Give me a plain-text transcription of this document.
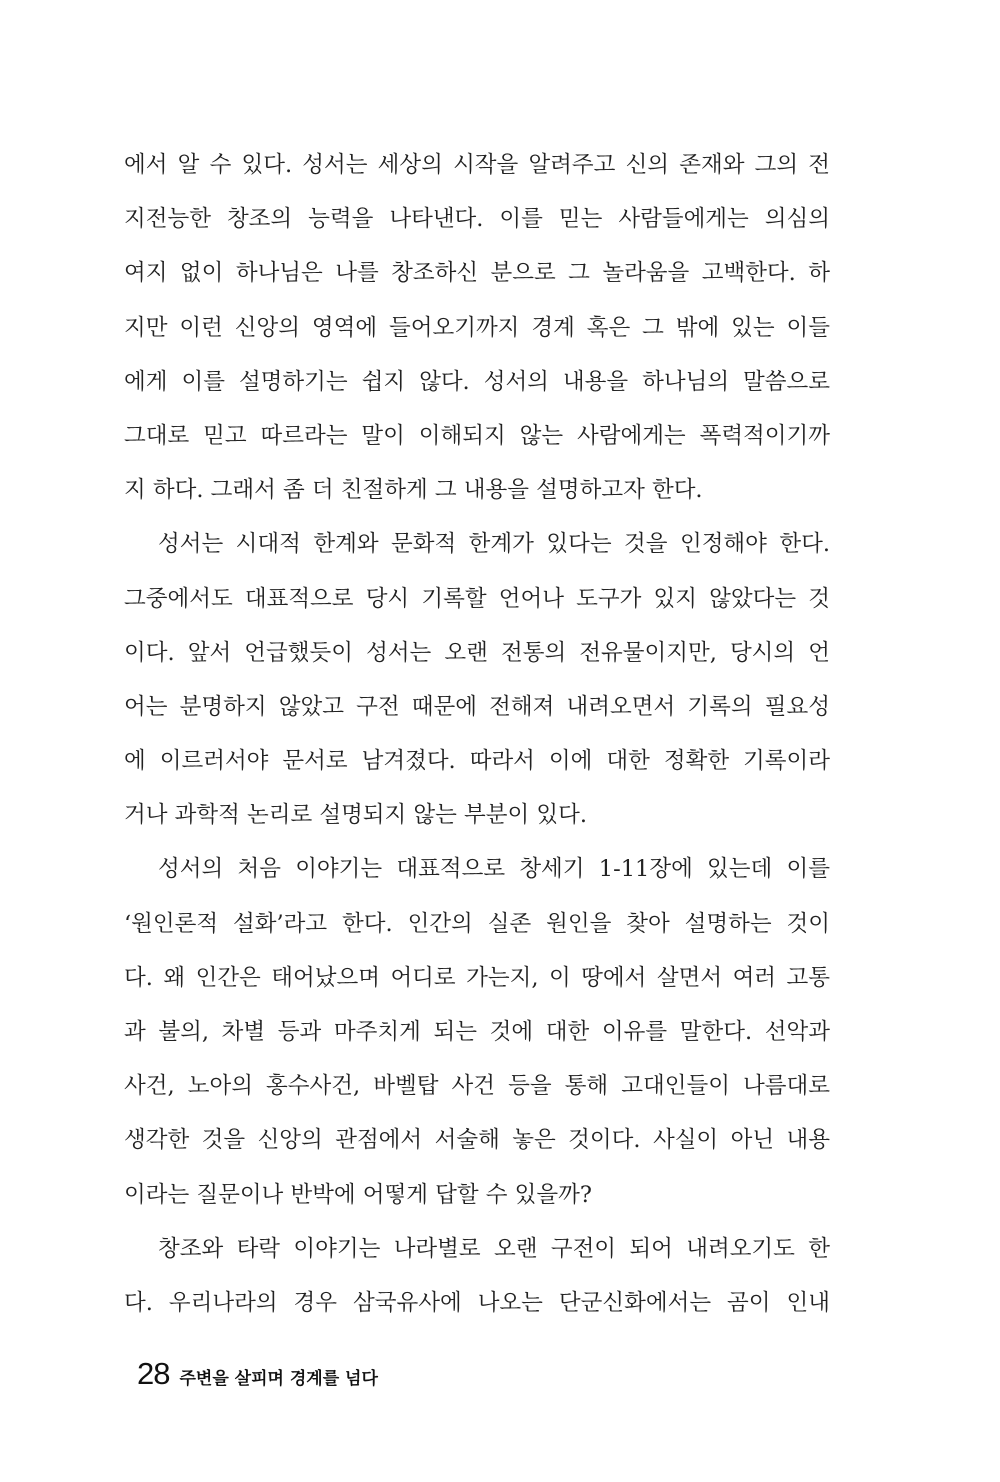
에서 알 수 있다. 성서는 세상의 시작을 알려주고 신의 존재와 그의 전
지전능한 창조의 능력을 나타낸다. 이를 믿는 사람들에게는 의심의
여지 없이 하나님은 나를 창조하신 분으로 그 놀라움을 고백한다. 하
지만 이런 신앙의 영역에 들어오기까지 경계 혹은 그 밖에 있는 이들
에게 이를 설명하기는 쉽지 않다. 성서의 내용을 하나님의 말씀으로
그대로 믿고 따르라는 말이 이해되지 않는 사람에게는 폭력적이기까
지 하다. 그래서 좀 더 친절하게 그 내용을 설명하고자 한다.
성서는 시대적 한계와 문화적 한계가 있다는 것을 인정해야 한다.
그중에서도 대표적으로 당시 기록할 언어나 도구가 있지 않았다는 것
이다. 앞서 언급했듯이 성서는 오랜 전통의 전유물이지만, 당시의 언
어는 분명하지 않았고 구전 때문에 전해져 내려오면서 기록의 필요성
에 이르러서야 문서로 남겨졌다. 따라서 이에 대한 정확한 기록이라
거나 과학적 논리로 설명되지 않는 부분이 있다.
성서의 처음 이야기는 대표적으로 창세기 1-11장에 있는데 이를
‘원인론적 설화’라고 한다. 인간의 실존 원인을 찾아 설명하는 것이
다. 왜 인간은 태어났으며 어디로 가는지, 이 땅에서 살면서 여러 고통
과 불의, 차별 등과 마주치게 되는 것에 대한 이유를 말한다. 선악과
사건, 노아의 홍수사건, 바벨탑 사건 등을 통해 고대인들이 나름대로
생각한 것을 신앙의 관점에서 서술해 놓은 것이다. 사실이 아닌 내용
이라는 질문이나 반박에 어떻게 답할 수 있을까?
창조와 타락 이야기는 나라별로 오랜 구전이 되어 내려오기도 한
다. 우리나라의 경우 삼국유사에 나오는 단군신화에서는 곰이 인내
28 주변을 살피며 경계를 넘다
